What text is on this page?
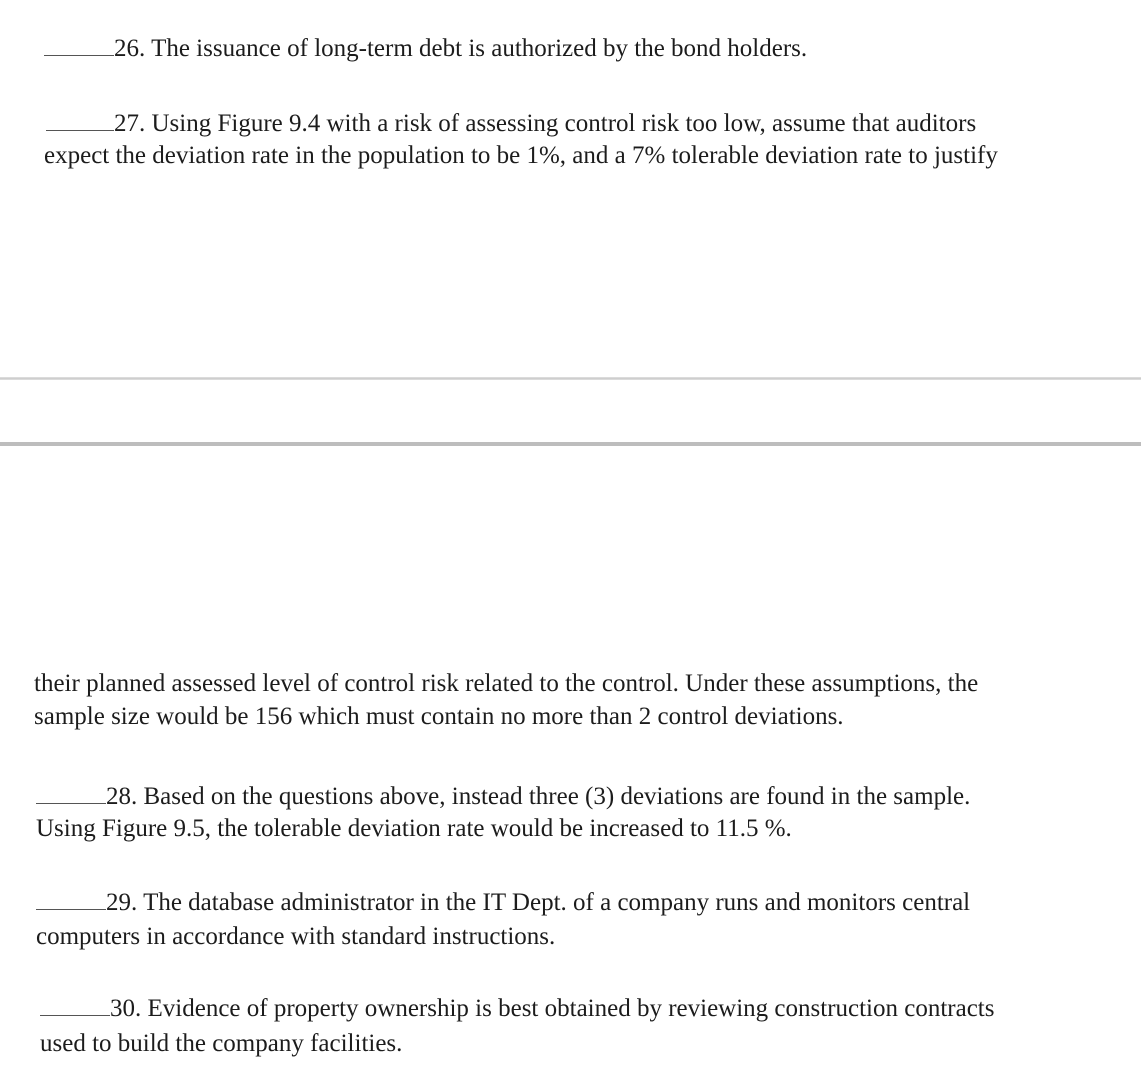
26. The issuance of long-term debt is authorized by the bond holders.
27. Using Figure 9.4 with a risk of assessing control risk too low, assume that auditors
expect the deviation rate in the population to be 1%, and a 7% tolerable deviation rate to justify
their planned assessed level of control risk related to the control. Under these assumptions, the
sample size would be 156 which must contain no more than 2 control deviations.
28. Based on the questions above, instead three (3) deviations are found in the sample.
Using Figure 9.5, the tolerable deviation rate would be increased to 11.5 %.
29. The database administrator in the IT Dept. of a company runs and monitors central
computers in accordance with standard instructions.
30. Evidence of property ownership is best obtained by reviewing construction contracts
used to build the company facilities.
